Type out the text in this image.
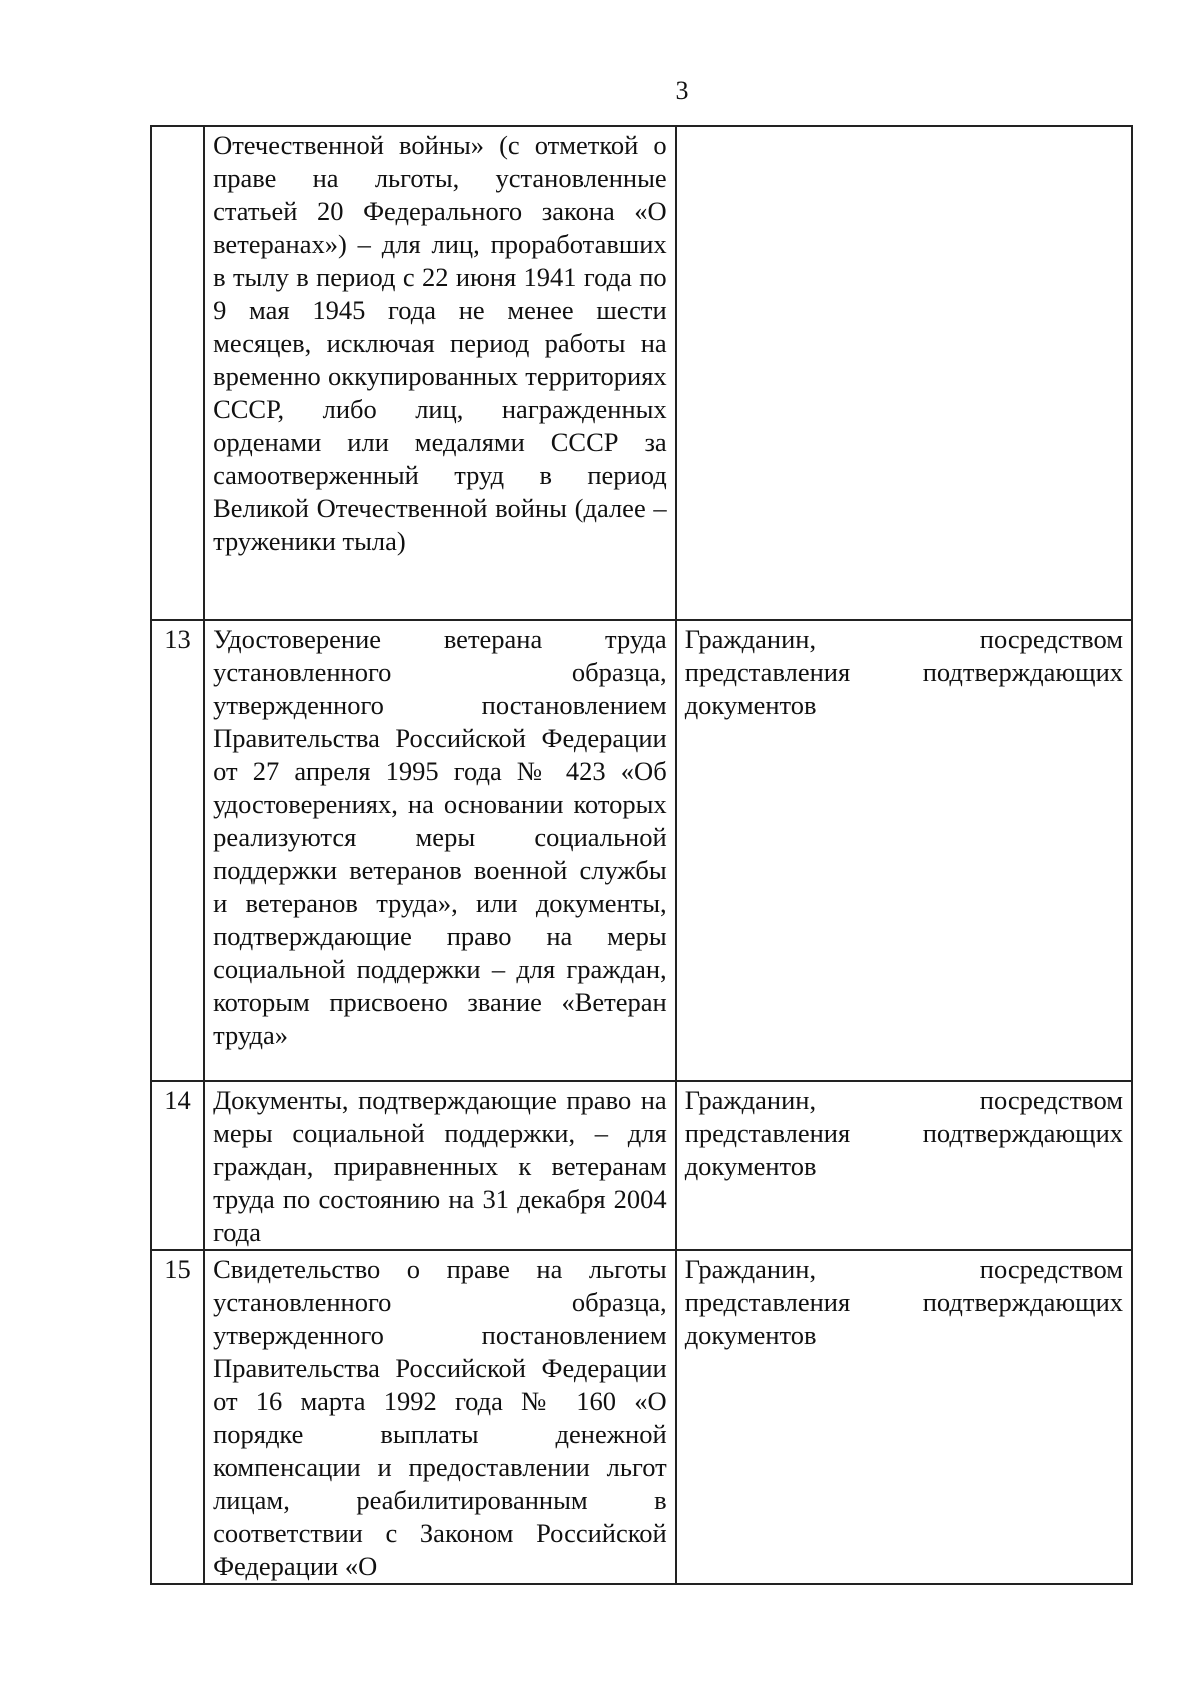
3

	Отечественной войны» (с отметкой о праве на льготы, установленные статьей 20 Федерального закона «О ветеранах») – для лиц, проработавших в тылу в период с 22 июня 1941 года по 9 мая 1945 года не менее шести месяцев, исключая период работы на временно оккупированных территориях СССР, либо лиц, награжденных орденами или медалями СССР за самоотверженный труд в период Великой Отечественной войны (далее – труженики тыла)	

13	Удостоверение ветерана труда установленного образца, утвержденного постановлением Правительства Российской Федерации от 27 апреля 1995 года № 423 «Об удостоверениях, на основании которых реализуются меры социальной поддержки ветеранов военной службы и ветеранов труда», или документы, подтверждающие право на меры социальной поддержки – для граждан, которым присвоено звание «Ветеран труда»	Гражданин, посредством представления подтверждающих документов

14	Документы, подтверждающие право на меры социальной поддержки, – для граждан, приравненных к ветеранам труда по состоянию на 31 декабря 2004 года	Гражданин, посредством представления подтверждающих документов

15	Свидетельство о праве на льготы установленного образца, утвержденного постановлением Правительства Российской Федерации от 16 марта 1992 года № 160 «О порядке выплаты денежной компенсации и предоставлении льгот лицам, реабилитированным в соответствии с Законом Российской Федерации «О	Гражданин, посредством представления подтверждающих документов
